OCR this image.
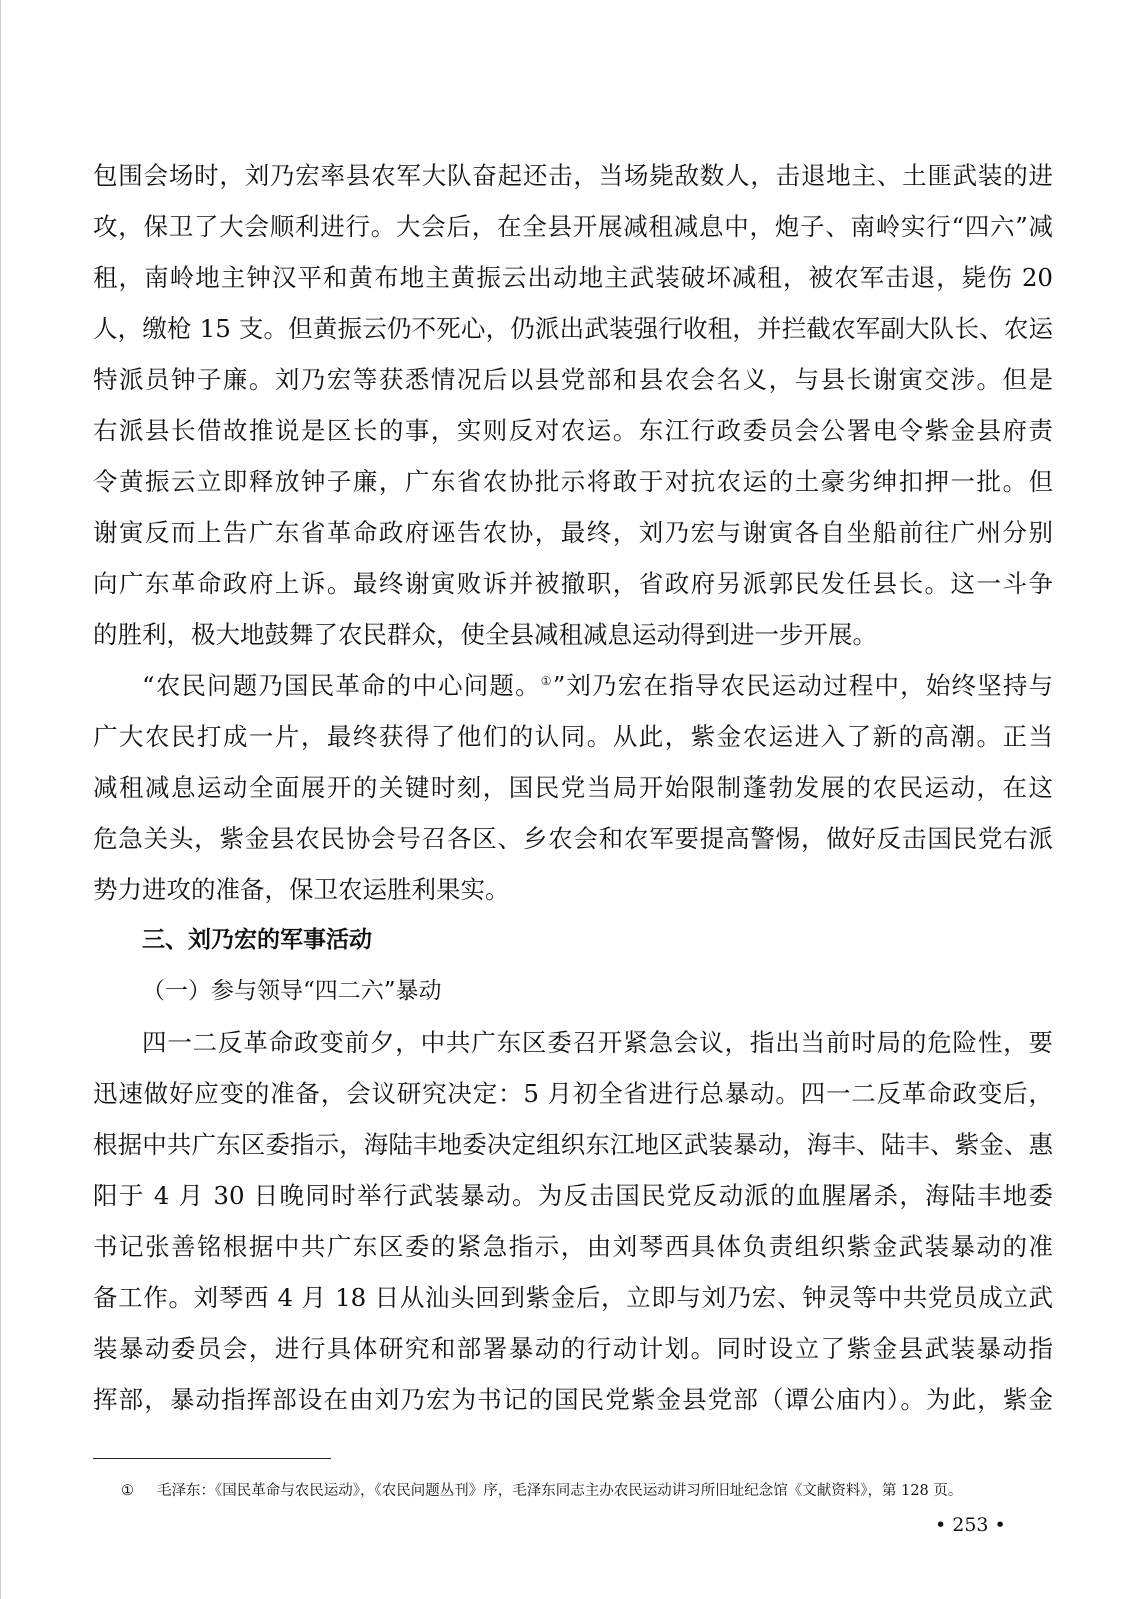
包围会场时，刘乃宏率县农军大队奋起还击，当场毙敌数人，击退地主、土匪武装的进
攻，保卫了大会顺利进行。大会后，在全县开展减租减息中，炮子、南岭实行“四六”减
租，南岭地主钟汉平和黄布地主黄振云出动地主武装破坏减租，被农军击退，毙伤 20
人，缴枪 15 支。但黄振云仍不死心，仍派出武装强行收租，并拦截农军副大队长、农运
特派员钟子廉。刘乃宏等获悉情况后以县党部和县农会名义，与县长谢寅交涉。但是
右派县长借故推说是区长的事，实则反对农运。东江行政委员会公署电令紫金县府责
令黄振云立即释放钟子廉，广东省农协批示将敢于对抗农运的土豪劣绅扣押一批。但
谢寅反而上告广东省革命政府诬告农协，最终，刘乃宏与谢寅各自坐船前往广州分别
向广东革命政府上诉。最终谢寅败诉并被撤职，省政府另派郭民发任县长。这一斗争
的胜利，极大地鼓舞了农民群众，使全县减租减息运动得到进一步开展。
“农民问题乃国民革命的中心问题。①”刘乃宏在指导农民运动过程中，始终坚持与
广大农民打成一片，最终获得了他们的认同。从此，紫金农运进入了新的高潮。正当
减租减息运动全面展开的关键时刻，国民党当局开始限制蓬勃发展的农民运动，在这
危急关头，紫金县农民协会号召各区、乡农会和农军要提高警惕，做好反击国民党右派
势力进攻的准备，保卫农运胜利果实。
三、刘乃宏的军事活动
（一）参与领导“四二六”暴动
四一二反革命政变前夕，中共广东区委召开紧急会议，指出当前时局的危险性，要
迅速做好应变的准备，会议研究决定：5 月初全省进行总暴动。四一二反革命政变后，
根据中共广东区委指示，海陆丰地委决定组织东江地区武装暴动，海丰、陆丰、紫金、惠
阳于 4 月 30 日晚同时举行武装暴动。为反击国民党反动派的血腥屠杀，海陆丰地委
书记张善铭根据中共广东区委的紧急指示，由刘琴西具体负责组织紫金武装暴动的准
备工作。刘琴西 4 月 18 日从汕头回到紫金后，立即与刘乃宏、钟灵等中共党员成立武
装暴动委员会，进行具体研究和部署暴动的行动计划。同时设立了紫金县武装暴动指
挥部，暴动指挥部设在由刘乃宏为书记的国民党紫金县党部（谭公庙内）。为此，紫金
① 毛泽东：《国民革命与农民运动》，《农民问题丛刊》序，毛泽东同志主办农民运动讲习所旧址纪念馆《文献资料》，第 128 页。
• 253 •
